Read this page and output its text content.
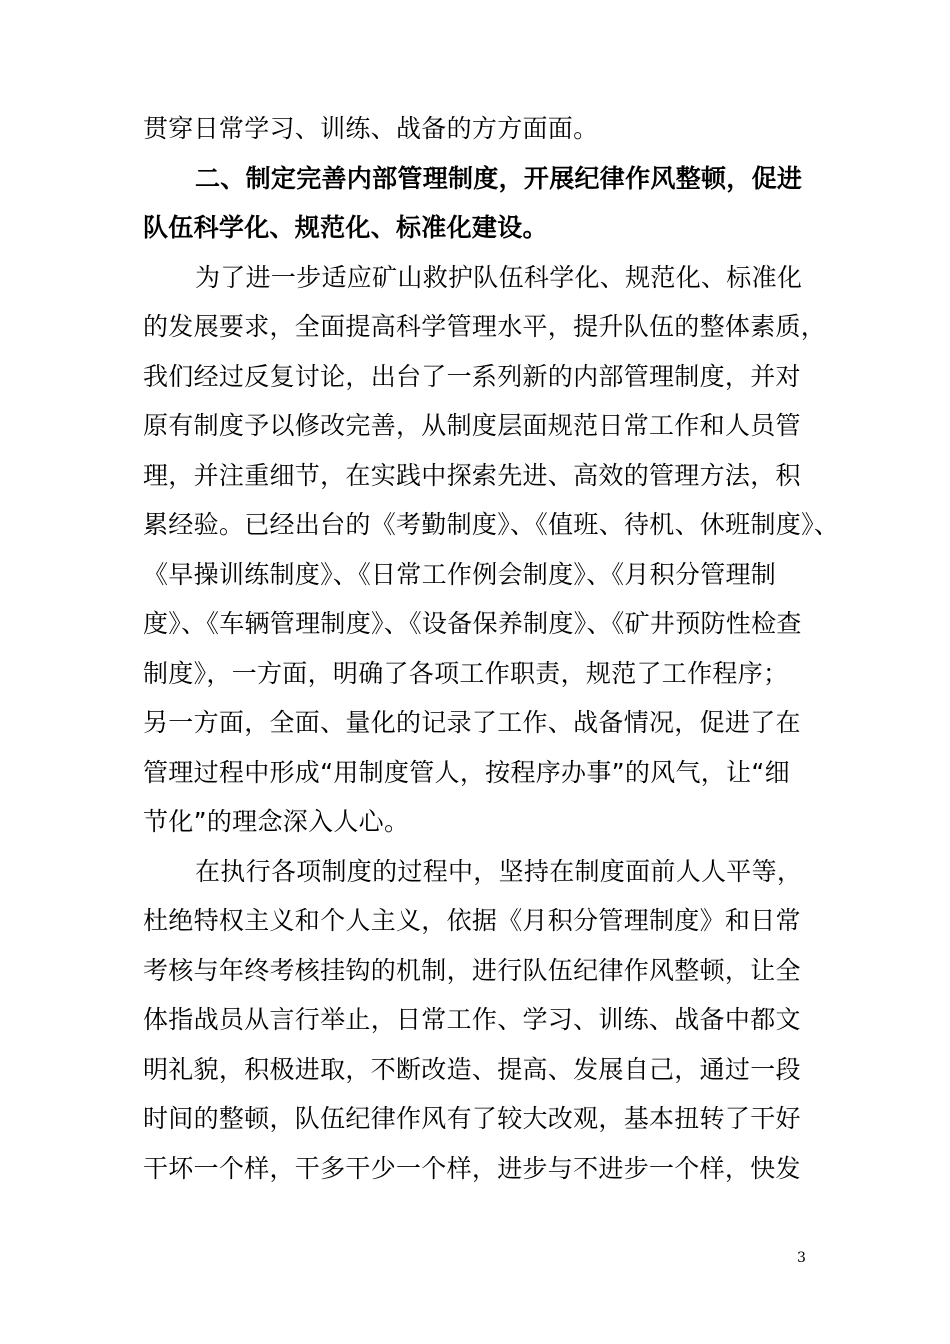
贯穿日常学习、训练、战备的方方面面。
二、制定完善内部管理制度，开展纪律作风整顿，促进
队伍科学化、规范化、标准化建设。
为了进一步适应矿山救护队伍科学化、规范化、标准化
的发展要求，全面提高科学管理水平，提升队伍的整体素质，
我们经过反复讨论，出台了一系列新的内部管理制度，并对
原有制度予以修改完善，从制度层面规范日常工作和人员管
理，并注重细节，在实践中探索先进、高效的管理方法，积
累经验。已经出台的《考勤制度》、《值班、待机、休班制度》、
《早操训练制度》、《日常工作例会制度》、《月积分管理制
度》、《车辆管理制度》、《设备保养制度》、《矿井预防性检查
制度》，一方面，明确了各项工作职责，规范了工作程序；
另一方面，全面、量化的记录了工作、战备情况，促进了在
管理过程中形成“用制度管人，按程序办事”的风气，让“细
节化”的理念深入人心。
在执行各项制度的过程中，坚持在制度面前人人平等，
杜绝特权主义和个人主义，依据《月积分管理制度》和日常
考核与年终考核挂钩的机制，进行队伍纪律作风整顿，让全
体指战员从言行举止，日常工作、学习、训练、战备中都文
明礼貌，积极进取，不断改造、提高、发展自己，通过一段
时间的整顿，队伍纪律作风有了较大改观，基本扭转了干好
干坏一个样，干多干少一个样，进步与不进步一个样，快发
3
